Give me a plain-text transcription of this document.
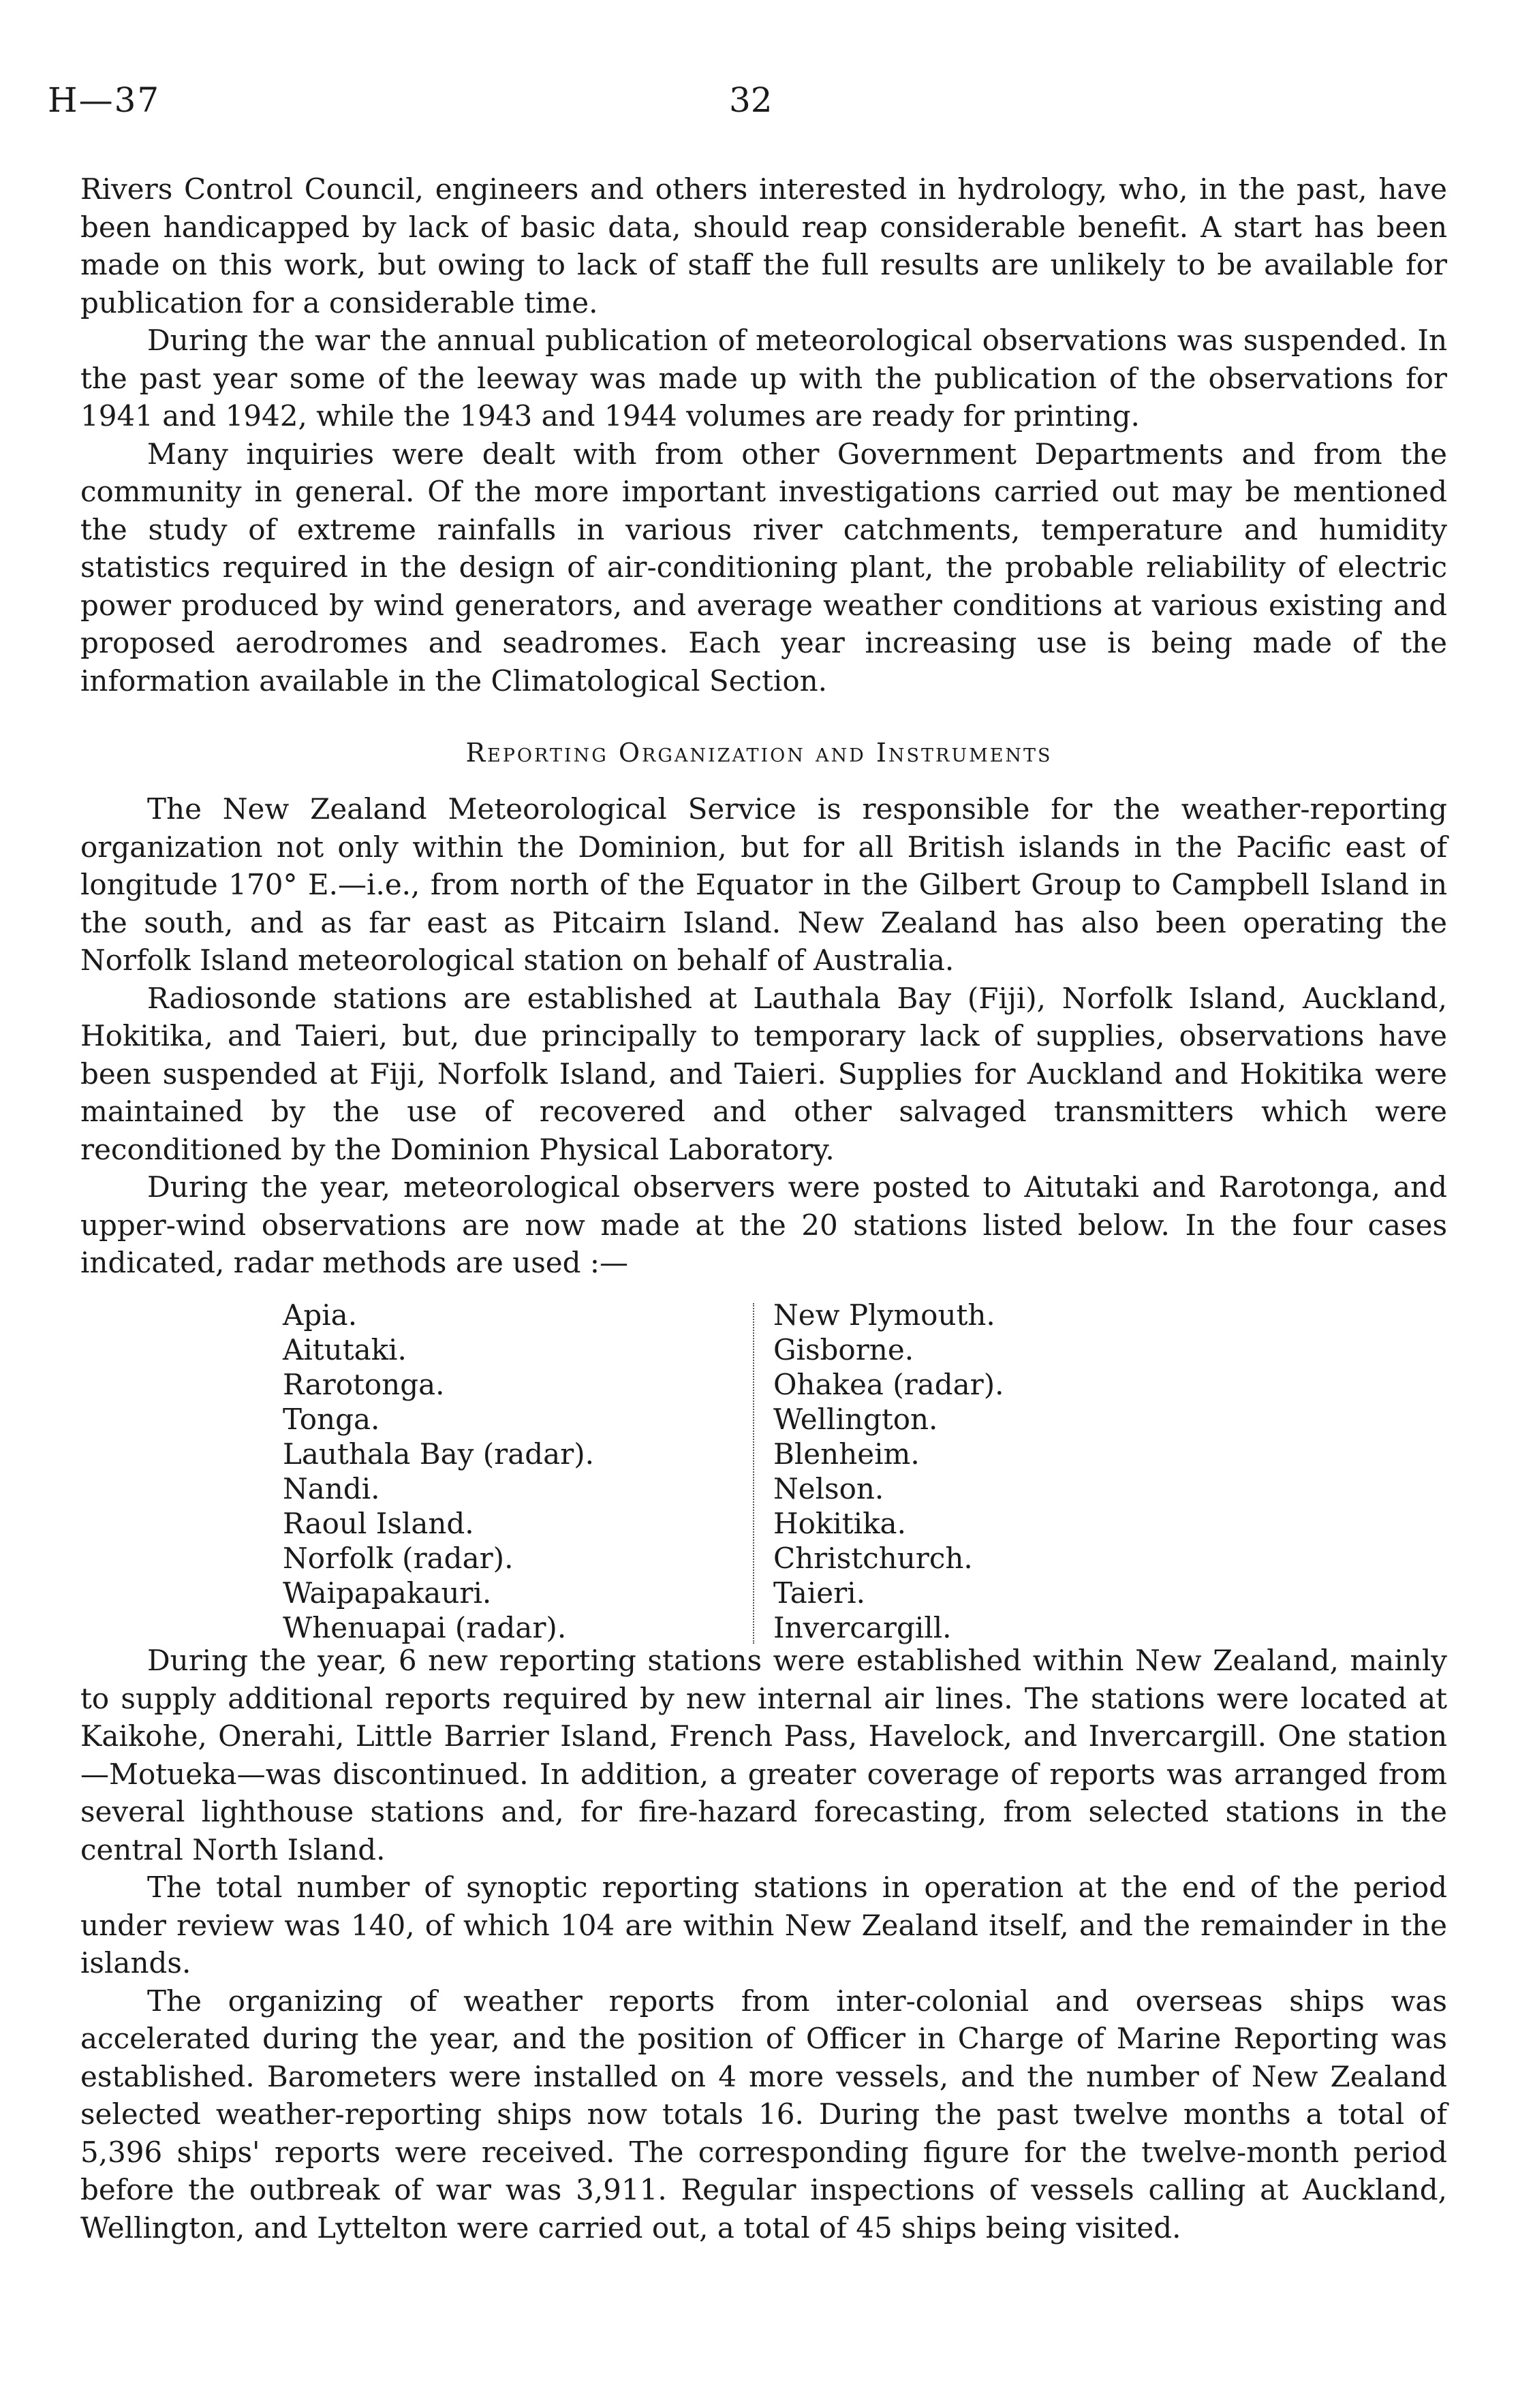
H—37	32

Rivers Control Council, engineers and others interested in hydrology, who, in the past, have been handicapped by lack of basic data, should reap considerable benefit. A start has been made on this work, but owing to lack of staff the full results are unlikely to be available for publication for a considerable time.

During the war the annual publication of meteorological observations was suspended. In the past year some of the leeway was made up with the publication of the observations for 1941 and 1942, while the 1943 and 1944 volumes are ready for printing.

Many inquiries were dealt with from other Government Departments and from the community in general. Of the more important investigations carried out may be mentioned the study of extreme rainfalls in various river catchments, temperature and humidity statistics required in the design of air-conditioning plant, the probable reliability of electric power produced by wind generators, and average weather conditions at various existing and proposed aerodromes and seadromes. Each year increasing use is being made of the information available in the Climatological Section.

Reporting Organization and Instruments

The New Zealand Meteorological Service is responsible for the weather-reporting organization not only within the Dominion, but for all British islands in the Pacific east of longitude 170° E.—i.e., from north of the Equator in the Gilbert Group to Campbell Island in the south, and as far east as Pitcairn Island. New Zealand has also been operating the Norfolk Island meteorological station on behalf of Australia.

Radiosonde stations are established at Lauthala Bay (Fiji), Norfolk Island, Auckland, Hokitika, and Taieri, but, due principally to temporary lack of supplies, observations have been suspended at Fiji, Norfolk Island, and Taieri. Supplies for Auckland and Hokitika were maintained by the use of recovered and other salvaged transmitters which were reconditioned by the Dominion Physical Laboratory.

During the year, meteorological observers were posted to Aitutaki and Rarotonga, and upper-wind observations are now made at the 20 stations listed below. In the four cases indicated, radar methods are used :—

Apia.
Aitutaki.
Rarotonga.
Tonga.
Lauthala Bay (radar).
Nandi.
Raoul Island.
Norfolk (radar).
Waipapakauri.
Whenuapai (radar).
New Plymouth.
Gisborne.
Ohakea (radar).
Wellington.
Blenheim.
Nelson.
Hokitika.
Christchurch.
Taieri.
Invercargill.

During the year, 6 new reporting stations were established within New Zealand, mainly to supply additional reports required by new internal air lines. The stations were located at Kaikohe, Onerahi, Little Barrier Island, French Pass, Havelock, and Invercargill. One station—Motueka—was discontinued. In addition, a greater coverage of reports was arranged from several lighthouse stations and, for fire-hazard forecasting, from selected stations in the central North Island.

The total number of synoptic reporting stations in operation at the end of the period under review was 140, of which 104 are within New Zealand itself, and the remainder in the islands.

The organizing of weather reports from inter-colonial and overseas ships was accelerated during the year, and the position of Officer in Charge of Marine Reporting was established. Barometers were installed on 4 more vessels, and the number of New Zealand selected weather-reporting ships now totals 16. During the past twelve months a total of 5,396 ships' reports were received. The corresponding figure for the twelve-month period before the outbreak of war was 3,911. Regular inspections of vessels calling at Auckland, Wellington, and Lyttelton were carried out, a total of 45 ships being visited.
